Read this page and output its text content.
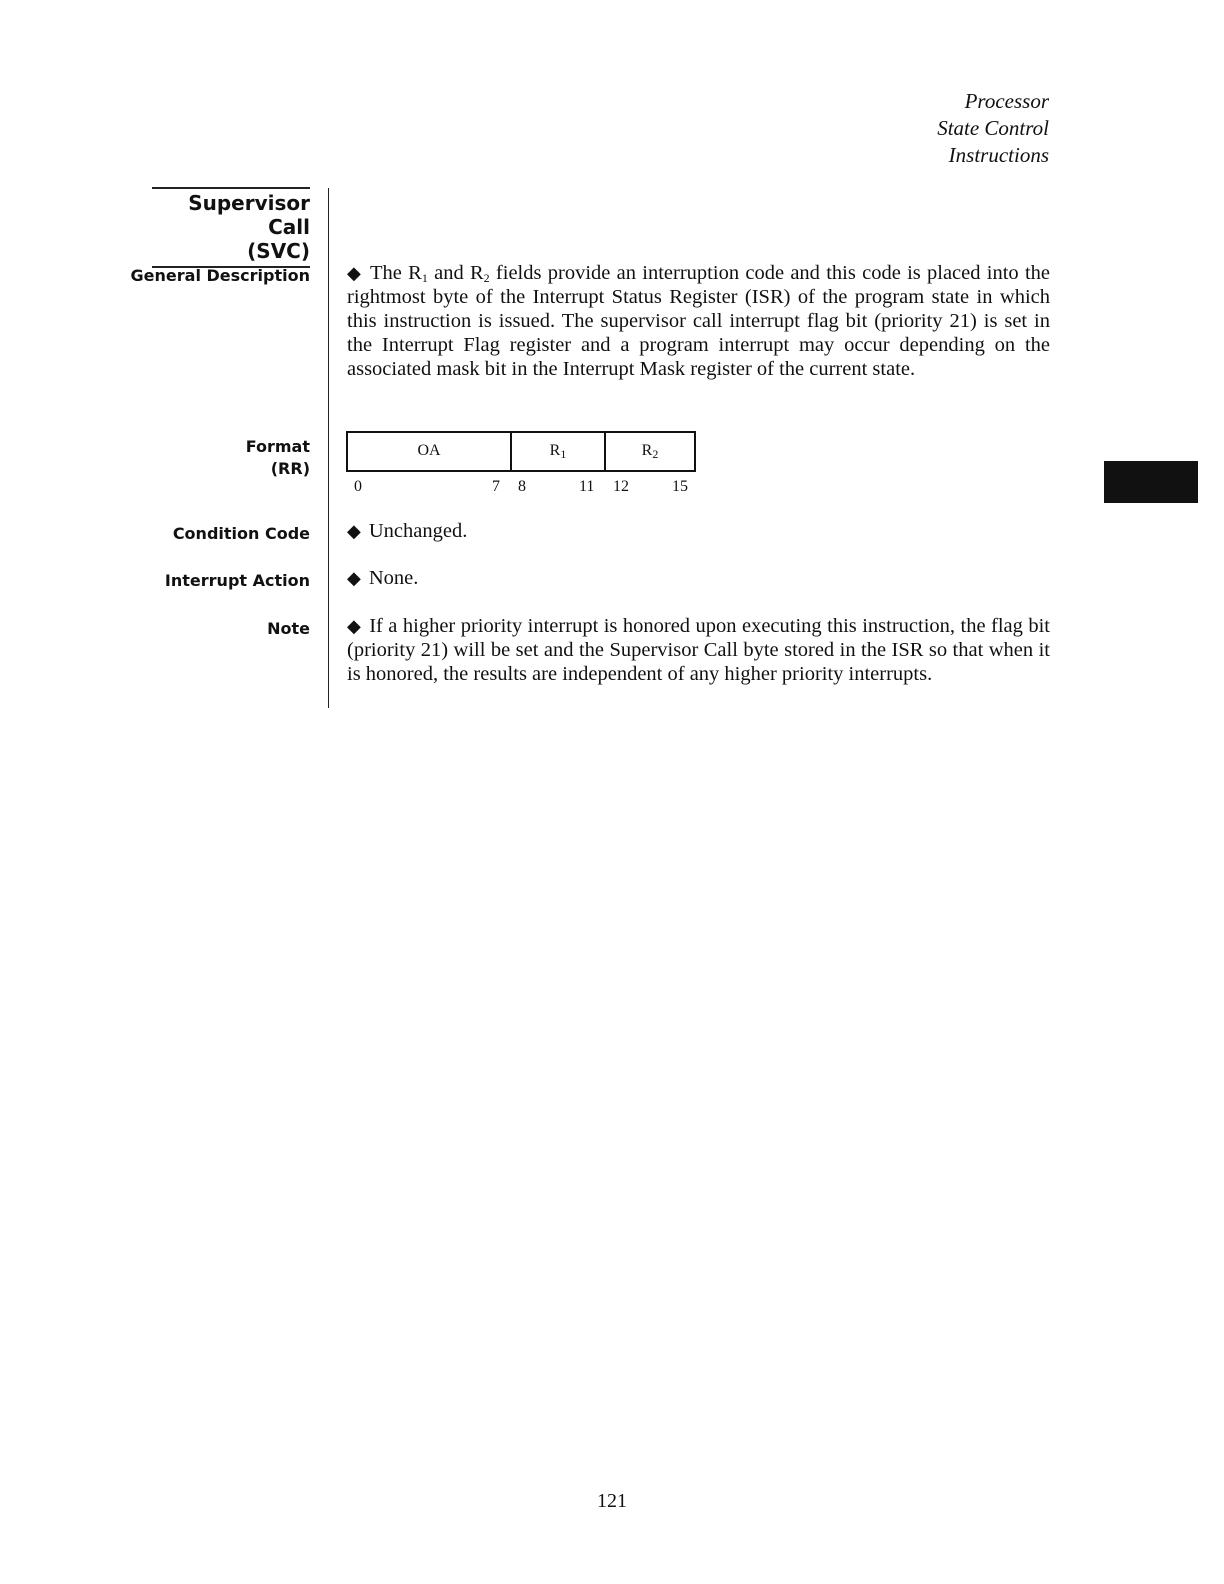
Processor
State Control
Instructions
Supervisor Call
(SVC)
General Description ◆ The $R_1$ and $R_2$ fields provide an interruption code and this code is placed into the rightmost byte of the Interrupt Status Register (ISR) of the program state in which this instruction is issued. The supervisor call interrupt flag bit (priority 21) is set in the Interrupt Flag register and a program interrupt may occur depending on the associated mask bit in the Interrupt Mask register of the current state.
Format
(RR)
OA	$R_1$	$R_2$
0	7 8	11 12	15
Condition Code ◆ Unchanged.
Interrupt Action ◆ None.
Note ◆ If a higher priority interrupt is honored upon executing this instruction, the flag bit (priority 21) will be set and the Supervisor Call byte stored in the ISR so that when it is honored, the results are independent of any higher priority interrupts.
121
